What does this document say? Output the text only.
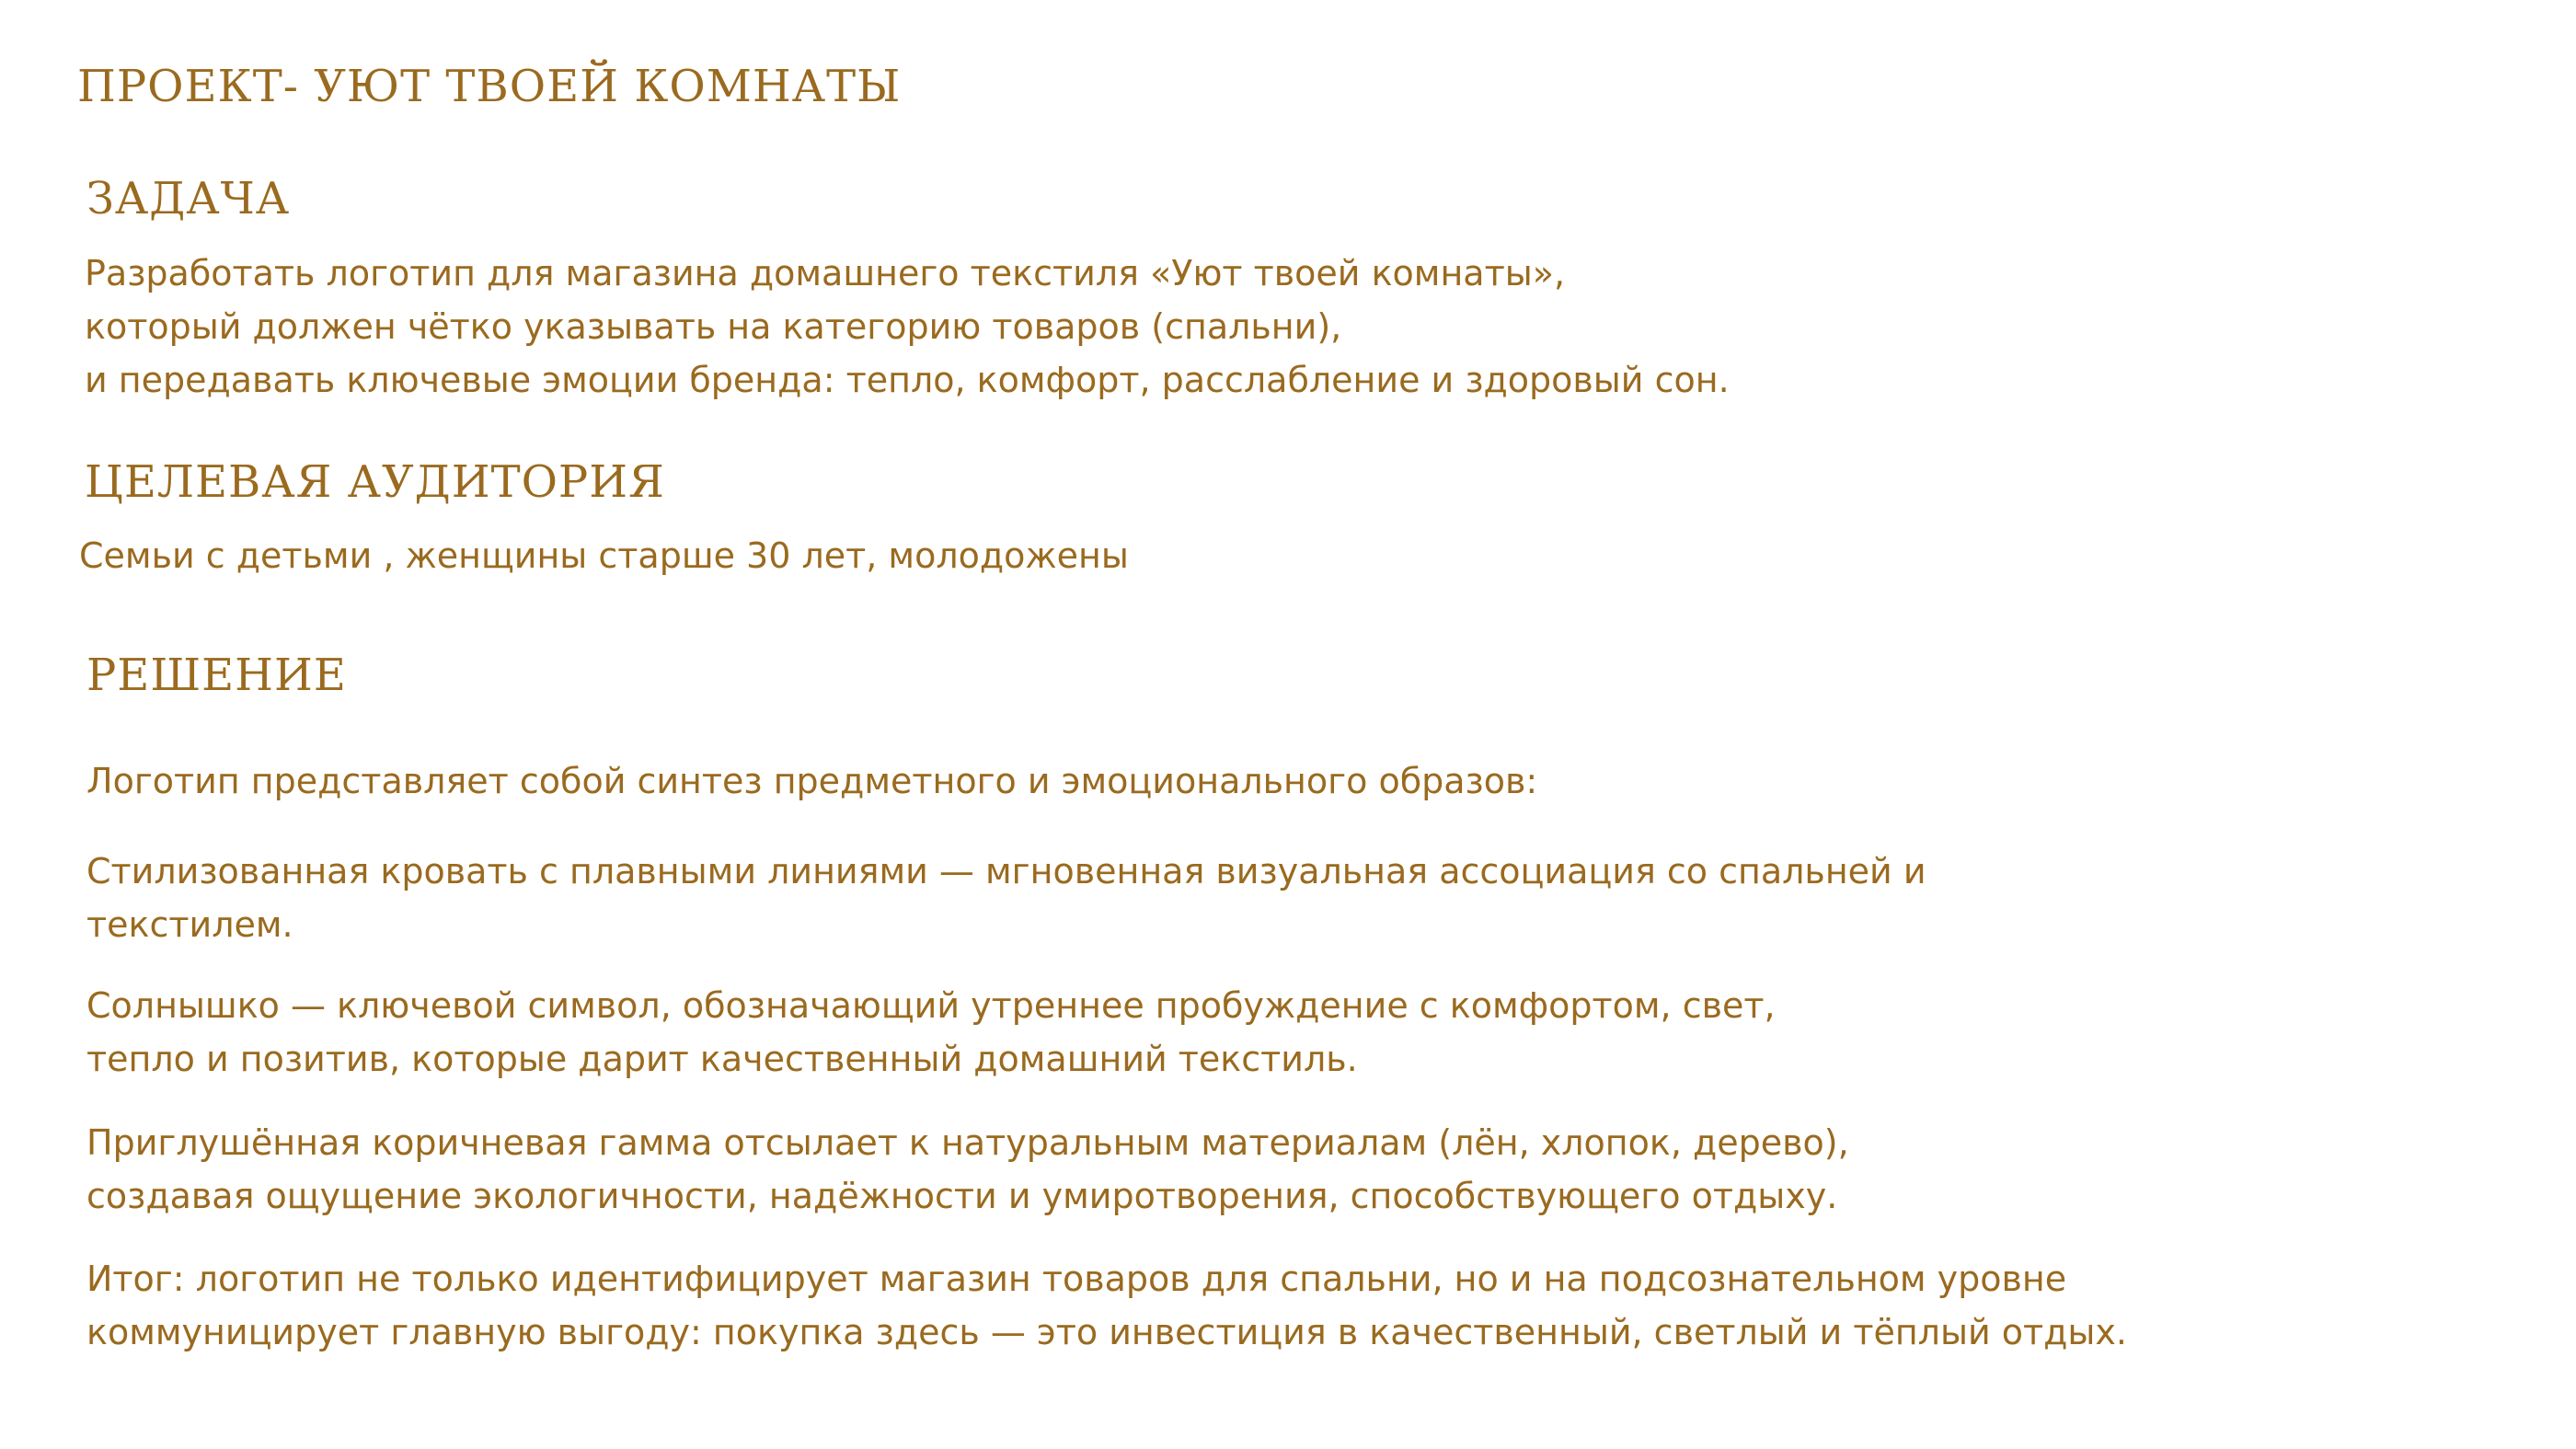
ПРОЕКТ- УЮТ ТВОЕЙ КОМНАТЫ
ЗАДАЧА

Разработать логотип для магазина домашнего текстиля «Уют твоей комнаты»,
который должен чётко указывать на категорию товаров (спальни),
и передавать ключевые эмоции бренда: тепло, комфорт, расслабление и здоровый сон.

ЦЕЛЕВАЯ АУДИТОРИЯ

Семьи с детьми , женщины старше 30 лет, молодожены

РЕШЕНИЕ

Логотип представляет собой синтез предметного и эмоционального образов:

Стилизованная кровать с плавными линиями — мгновенная визуальная ассоциация со спальней и
текстилем.

Солнышко — ключевой символ, обозначающий утреннее пробуждение с комфортом, свет,
тепло и позитив, которые дарит качественный домашний текстиль.

Приглушённая коричневая гамма отсылает к натуральным материалам (лён, хлопок, дерево),
создавая ощущение экологичности, надёжности и умиротворения, способствующего отдыху.

Итог: логотип не только идентифицирует магазин товаров для спальни, но и на подсознательном уровне
коммуницирует главную выгоду: покупка здесь — это инвестиция в качественный, светлый и тёплый отдых.
